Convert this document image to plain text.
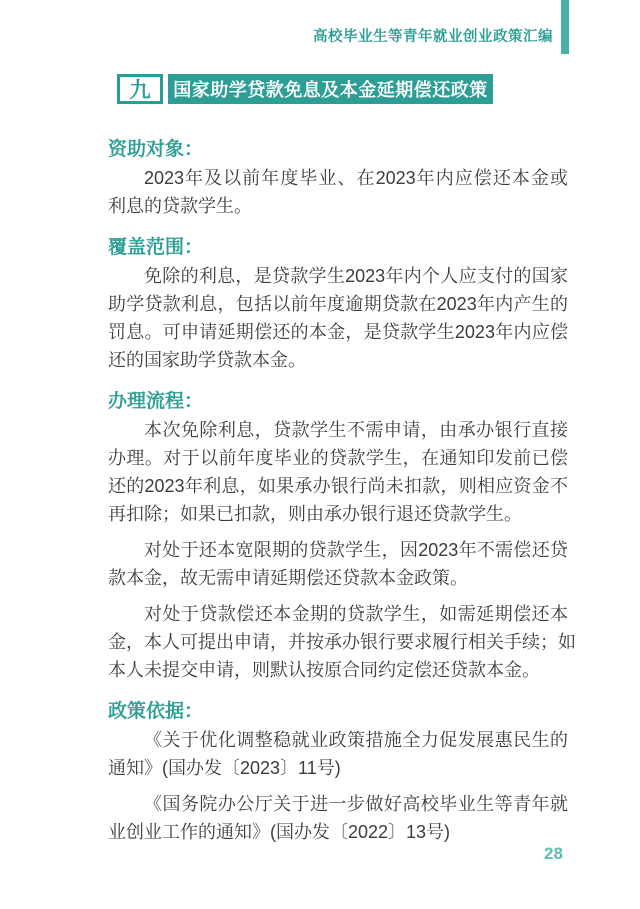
高校毕业生等青年就业创业政策汇编
九	国家助学贷款免息及本金延期偿还政策
资助对象：
2023年及以前年度毕业、在2023年内应偿还本金或
利息的贷款学生。
覆盖范围：
免除的利息，是贷款学生2023年内个人应支付的国家
助学贷款利息，包括以前年度逾期贷款在2023年内产生的
罚息。可申请延期偿还的本金，是贷款学生2023年内应偿
还的国家助学贷款本金。
办理流程：
本次免除利息，贷款学生不需申请，由承办银行直接
办理。对于以前年度毕业的贷款学生，在通知印发前已偿
还的2023年利息，如果承办银行尚未扣款，则相应资金不
再扣除；如果已扣款，则由承办银行退还贷款学生。
对处于还本宽限期的贷款学生，因2023年不需偿还贷
款本金，故无需申请延期偿还贷款本金政策。
对处于贷款偿还本金期的贷款学生，如需延期偿还本
金，本人可提出申请，并按承办银行要求履行相关手续；如
本人未提交申请，则默认按原合同约定偿还贷款本金。
政策依据：
《关于优化调整稳就业政策措施全力促发展惠民生的
通知》(国办发〔2023〕11号)
《国务院办公厅关于进一步做好高校毕业生等青年就
业创业工作的通知》(国办发〔2022〕13号)
28
